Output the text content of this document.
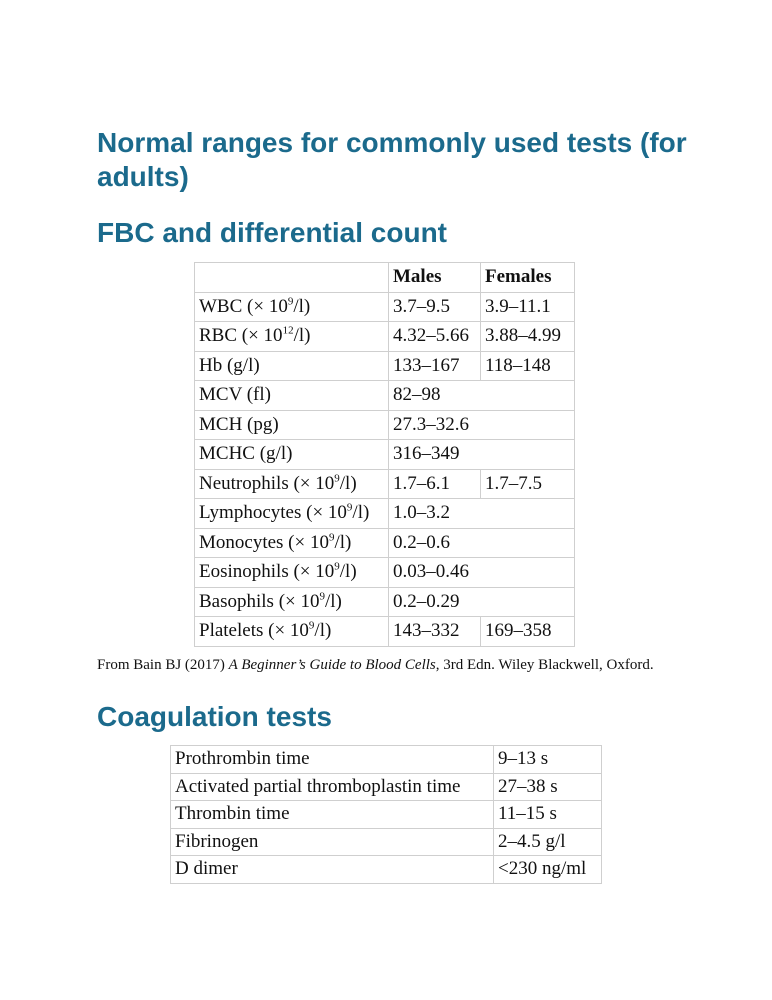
Normal ranges for commonly used tests (for adults)
FBC and differential count
	Males	Females
WBC (× $10^9/l$)	3.7–9.5	3.9–11.1
RBC (× $10^{12}/l$)	4.32–5.66	3.88–4.99
Hb (g/l)	133–167	118–148
MCV (fl)	82–98	
MCH (pg)	27.3–32.6	
MCHC (g/l)	316–349	
Neutrophils (× $10^9/l$)	1.7–6.1	1.7–7.5
Lymphocytes (× $10^9/l$)	1.0–3.2	
Monocytes (× $10^9/l$)	0.2–0.6	
Eosinophils (× $10^9/l$)	0.03–0.46	
Basophils (× $10^9/l$)	0.2–0.29	
Platelets (× $10^9/l$)	143–332	169–358
From Bain BJ (2017) A Beginner’s Guide to Blood Cells, 3rd Edn. Wiley Blackwell, Oxford.
Coagulation tests
Prothrombin time	9–13 s
Activated partial thromboplastin time	27–38 s
Thrombin time	11–15 s
Fibrinogen	2–4.5 g/l
D dimer	<230 ng/ml
